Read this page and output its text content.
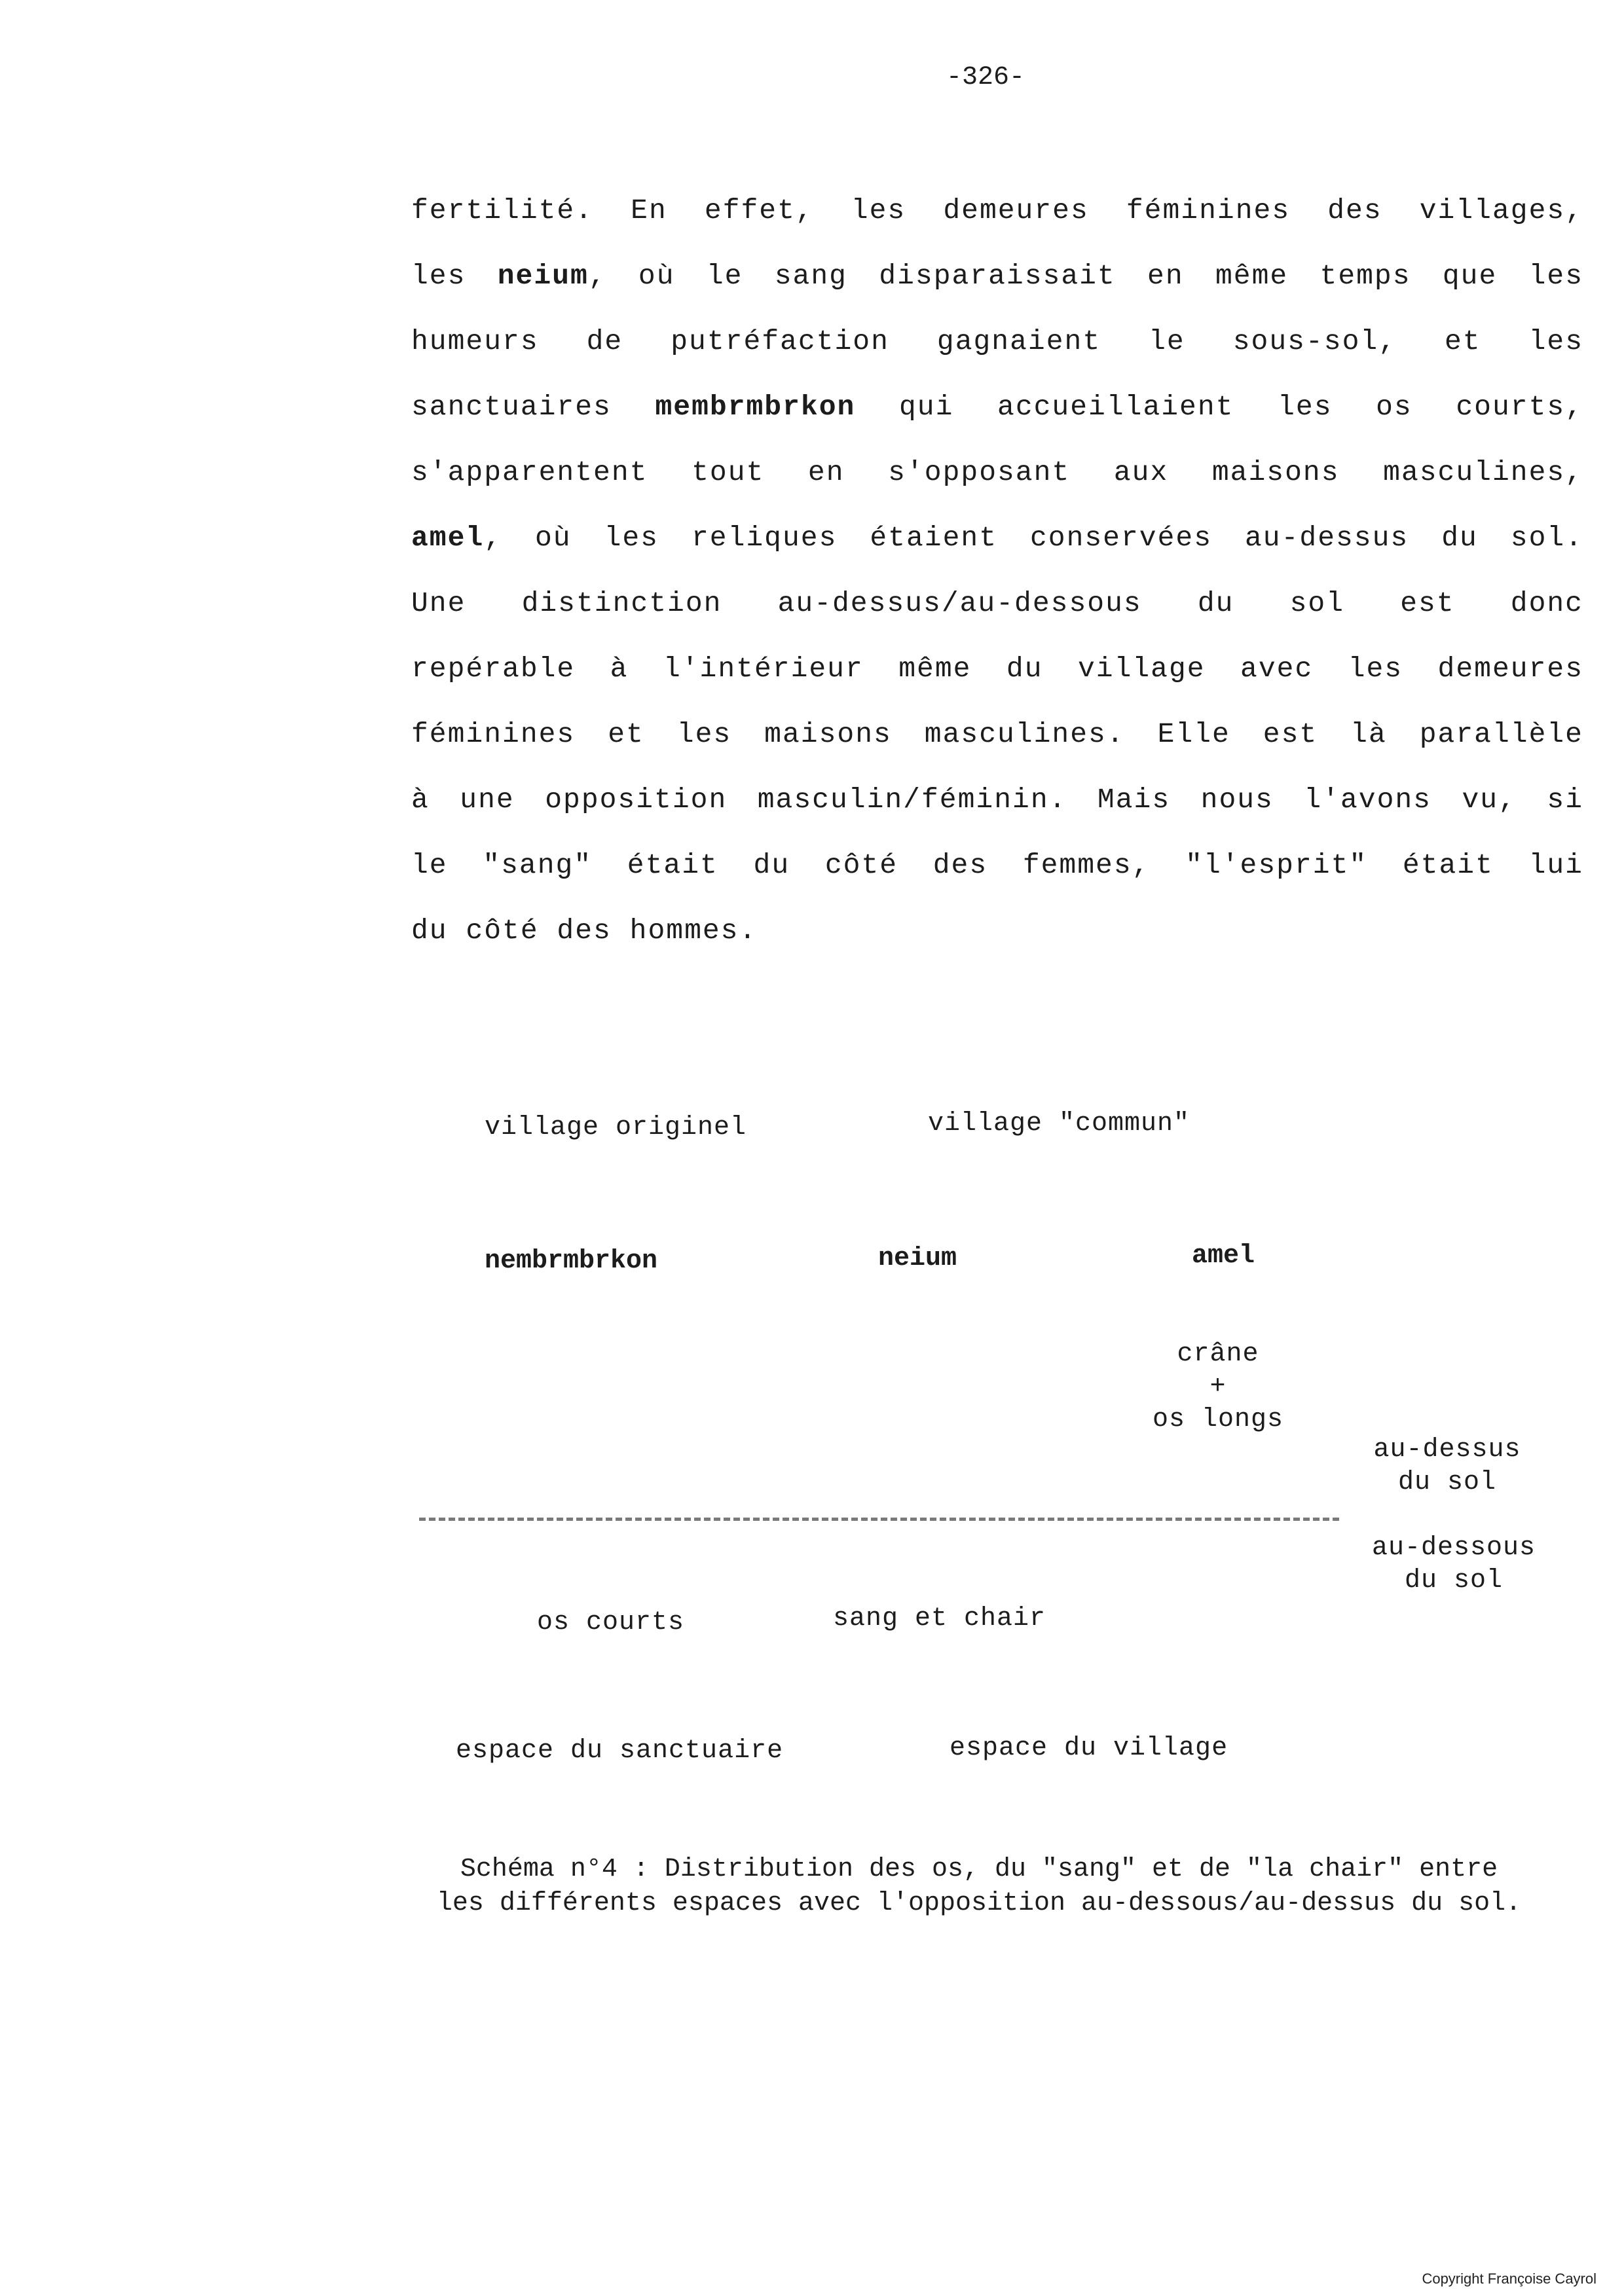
-326-
fertilité. En effet, les demeures féminines des villages,
les neium, où le sang disparaissait en même temps que les
humeurs de putréfaction gagnaient le sous-sol, et les
sanctuaires membrmbrkon qui accueillaient les os courts,
s'apparentent tout en s'opposant aux maisons masculines,
amel, où les reliques étaient conservées au-dessus du sol.
Une distinction au-dessus/au-dessous du sol est donc
repérable à l'intérieur même du village avec les demeures
féminines et les maisons masculines. Elle est là parallèle
à une opposition masculin/féminin. Mais nous l'avons vu, si
le "sang" était du côté des femmes, "l'esprit" était lui
du côté des hommes.
village originel	village "commun"
nembrmbrkon	neium	amel
crâne
+
os longs
au-dessus
du sol
au-dessous
du sol
os courts	sang et chair
espace du sanctuaire	espace du village
Schéma n°4 : Distribution des os, du "sang" et de "la chair" entre
les différents espaces avec l'opposition au-dessous/au-dessus du sol.
Copyright Françoise Cayrol
